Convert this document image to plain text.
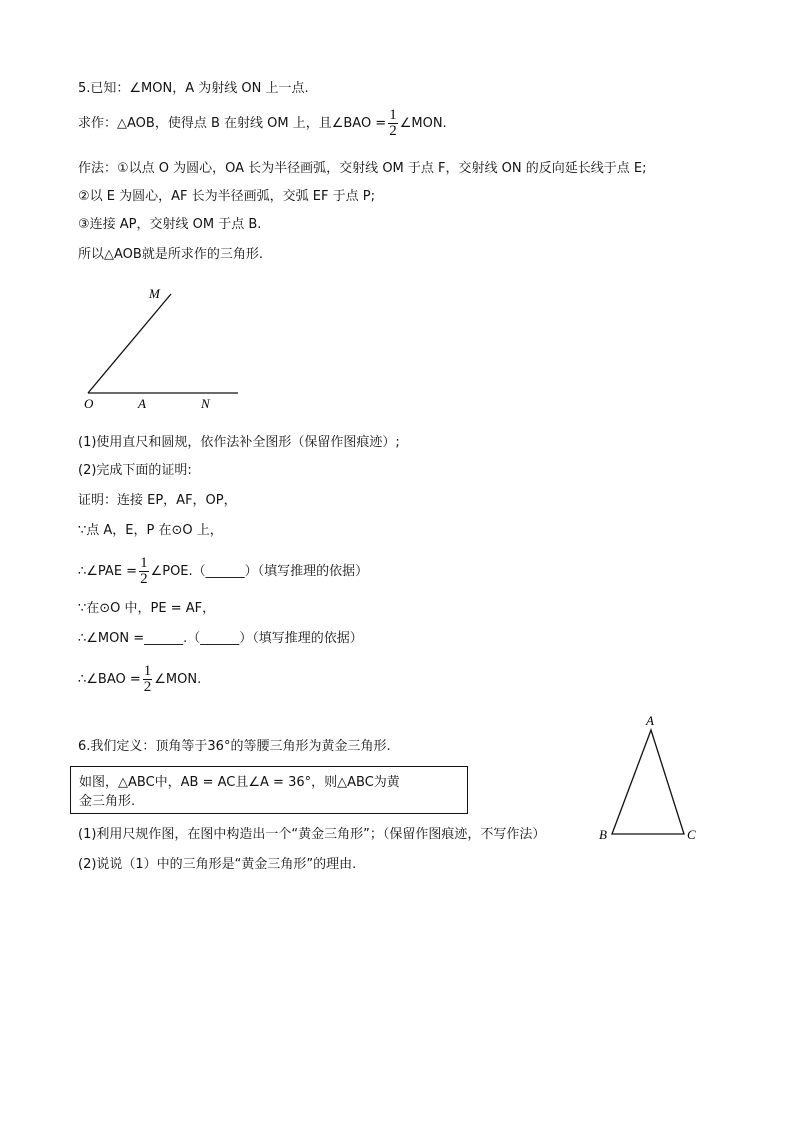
5.已知：∠MON，A 为射线 ON 上一点.
求作：△AOB，使得点 B 在射线 OM 上，且∠BAO = $\frac{1}{2}$ ∠MON.
作法：①以点 O 为圆心，OA 长为半径画弧，交射线 OM 于点 F，交射线 ON 的反向延长线于点 E;
②以 E 为圆心，AF 长为半径画弧，交弧 EF 于点 P;
③连接 AP，交射线 OM 于点 B.
所以△AOB就是所求作的三角形.
M
O	A	N
(1)使用直尺和圆规，依作法补全图形（保留作图痕迹）;
(2)完成下面的证明:
证明：连接 EP，AF，OP，
∵点 A，E，P 在⊙O 上，
∴∠PAE = $\frac{1}{2}$ ∠POE.（______）（填写推理的依据）
∵在⊙O 中，PE = AF，
∴∠MON =______.（______）（填写推理的依据）
∴∠BAO = $\frac{1}{2}$ ∠MON.
6.我们定义：顶角等于36°的等腰三角形为黄金三角形.
如图，△ABC中，AB = AC且∠A = 36°，则△ABC为黄
金三角形.
(1)利用尺规作图，在图中构造出一个“黄金三角形”；（保留作图痕迹，不写作法）
(2)说说（1）中的三角形是“黄金三角形”的理由.
A
B	C
